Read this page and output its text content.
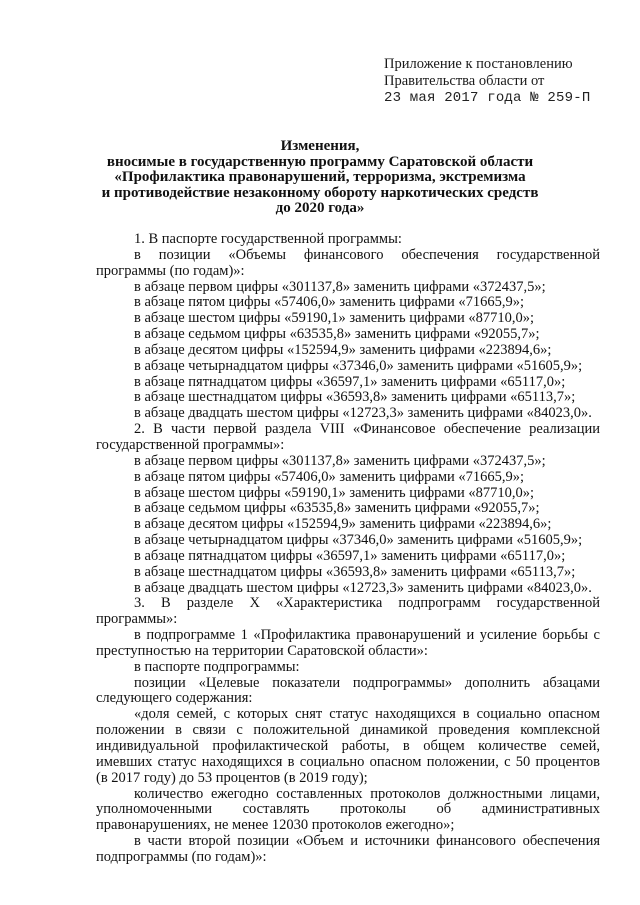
Приложение к постановлению
Правительства области от
23 мая 2017 года № 259-П
Изменения,
вносимые в государственную программу Саратовской области
«Профилактика правонарушений, терроризма, экстремизма
и противодействие незаконному обороту наркотических средств
до 2020 года»

1. В паспорте государственной программы:

в позиции «Объемы финансового обеспечения государственной программы (по годам)»:

в абзаце первом цифры «301137,8» заменить цифрами «372437,5»;

в абзаце пятом цифры «57406,0» заменить цифрами «71665,9»;

в абзаце шестом цифры «59190,1» заменить цифрами «87710,0»;

в абзаце седьмом цифры «63535,8» заменить цифрами «92055,7»;

в абзаце десятом цифры «152594,9» заменить цифрами «223894,6»;

в абзаце четырнадцатом цифры «37346,0» заменить цифрами «51605,9»;

в абзаце пятнадцатом цифры «36597,1» заменить цифрами «65117,0»;

в абзаце шестнадцатом цифры «36593,8» заменить цифрами «65113,7»;

в абзаце двадцать шестом цифры «12723,3» заменить цифрами «84023,0».

2. В части первой раздела VIII «Финансовое обеспечение реализации государственной программы»:

в абзаце первом цифры «301137,8» заменить цифрами «372437,5»;

в абзаце пятом цифры «57406,0» заменить цифрами «71665,9»;

в абзаце шестом цифры «59190,1» заменить цифрами «87710,0»;

в абзаце седьмом цифры «63535,8» заменить цифрами «92055,7»;

в абзаце десятом цифры «152594,9» заменить цифрами «223894,6»;

в абзаце четырнадцатом цифры «37346,0» заменить цифрами «51605,9»;

в абзаце пятнадцатом цифры «36597,1» заменить цифрами «65117,0»;

в абзаце шестнадцатом цифры «36593,8» заменить цифрами «65113,7»;

в абзаце двадцать шестом цифры «12723,3» заменить цифрами «84023,0».

3. В разделе X «Характеристика подпрограмм государственной программы»:

в подпрограмме 1 «Профилактика правонарушений и усиление борьбы с преступностью на территории Саратовской области»:

в паспорте подпрограммы:

позиции «Целевые показатели подпрограммы» дополнить абзацами следующего содержания:

«доля семей, с которых снят статус находящихся в социально опасном положении в связи с положительной динамикой проведения комплексной индивидуальной профилактической работы, в общем количестве семей, имевших статус находящихся в социально опасном положении, с 50 процентов (в 2017 году) до 53 процентов (в 2019 году);

количество ежегодно составленных протоколов должностными лицами, уполномоченными составлять протоколы об административных правонарушениях, не менее 12030 протоколов ежегодно»;

в части второй позиции «Объем и источники финансового обеспечения подпрограммы (по годам)»:
